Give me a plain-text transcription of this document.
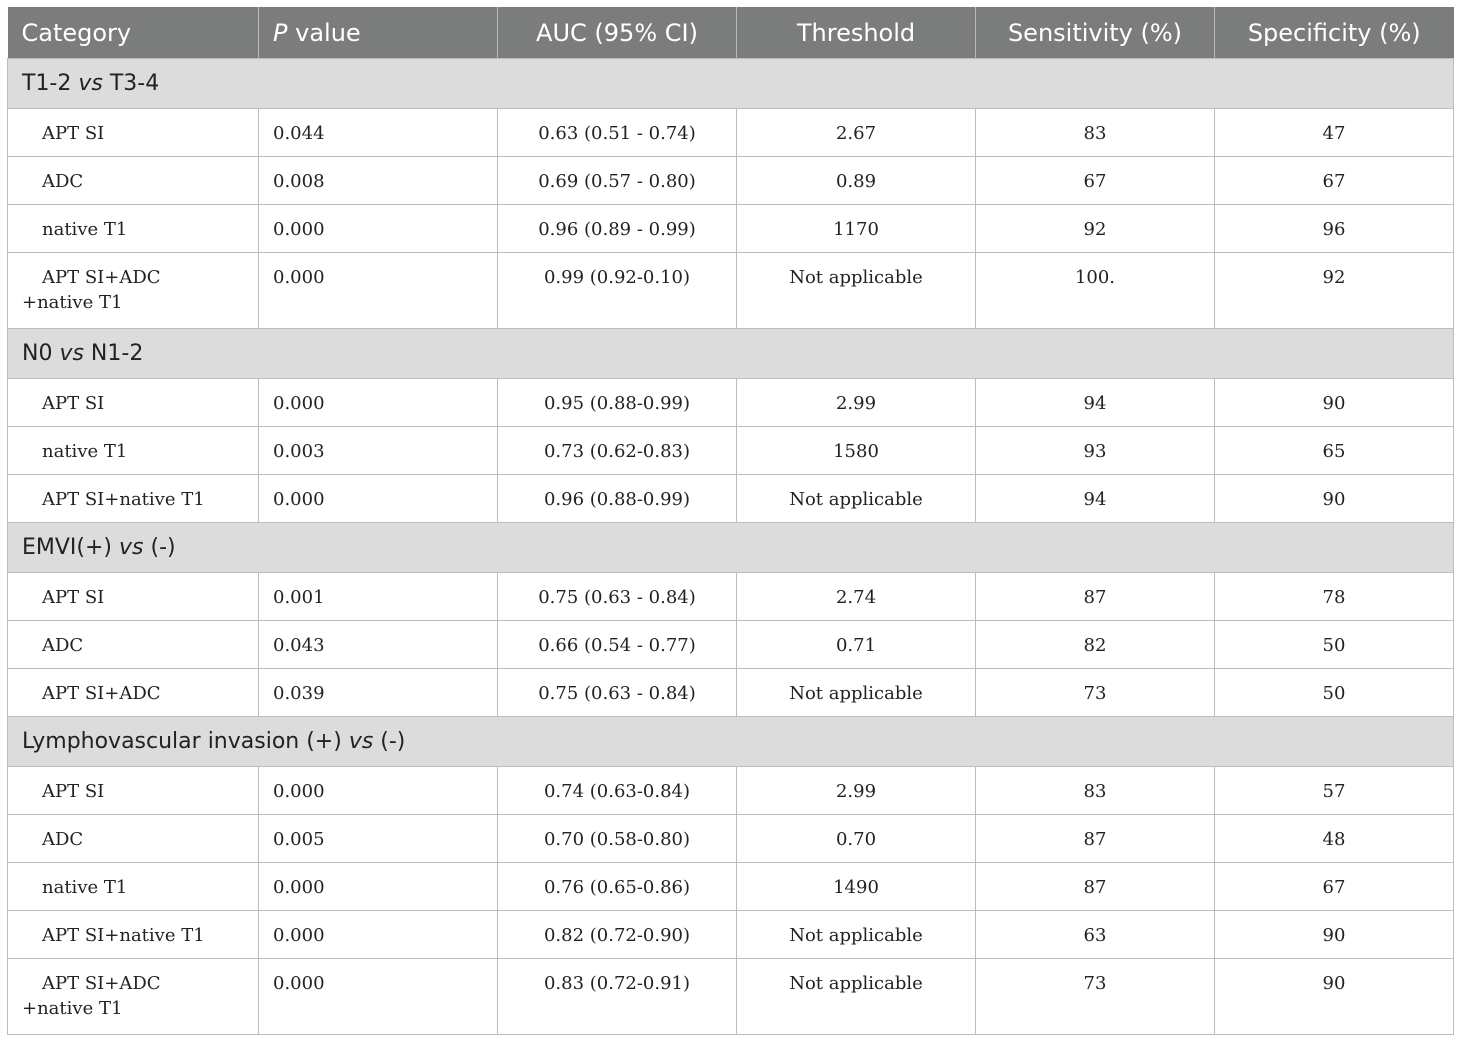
Category	P value	AUC (95% CI)	Threshold	Sensitivity (%)	Specificity (%)
T1-2 vs T3-4					
APT SI	0.044	0.63 (0.51 - 0.74)	2.67	83	47
ADC	0.008	0.69 (0.57 - 0.80)	0.89	67	67
native T1	0.000	0.96 (0.89 - 0.99)	1170	92	96
APT SI+ADC
+native T1	0.000	0.99 (0.92-0.10)	Not applicable	100.	92
N0 vs N1-2					
APT SI	0.000	0.95 (0.88-0.99)	2.99	94	90
native T1	0.003	0.73 (0.62-0.83)	1580	93	65
APT SI+native T1	0.000	0.96 (0.88-0.99)	Not applicable	94	90
EMVI(+) vs (-)					
APT SI	0.001	0.75 (0.63 - 0.84)	2.74	87	78
ADC	0.043	0.66 (0.54 - 0.77)	0.71	82	50
APT SI+ADC	0.039	0.75 (0.63 - 0.84)	Not applicable	73	50
Lymphovascular invasion (+) vs (-)					
APT SI	0.000	0.74 (0.63-0.84)	2.99	83	57
ADC	0.005	0.70 (0.58-0.80)	0.70	87	48
native T1	0.000	0.76 (0.65-0.86)	1490	87	67
APT SI+native T1	0.000	0.82 (0.72-0.90)	Not applicable	63	90
APT SI+ADC
+native T1	0.000	0.83 (0.72-0.91)	Not applicable	73	90
